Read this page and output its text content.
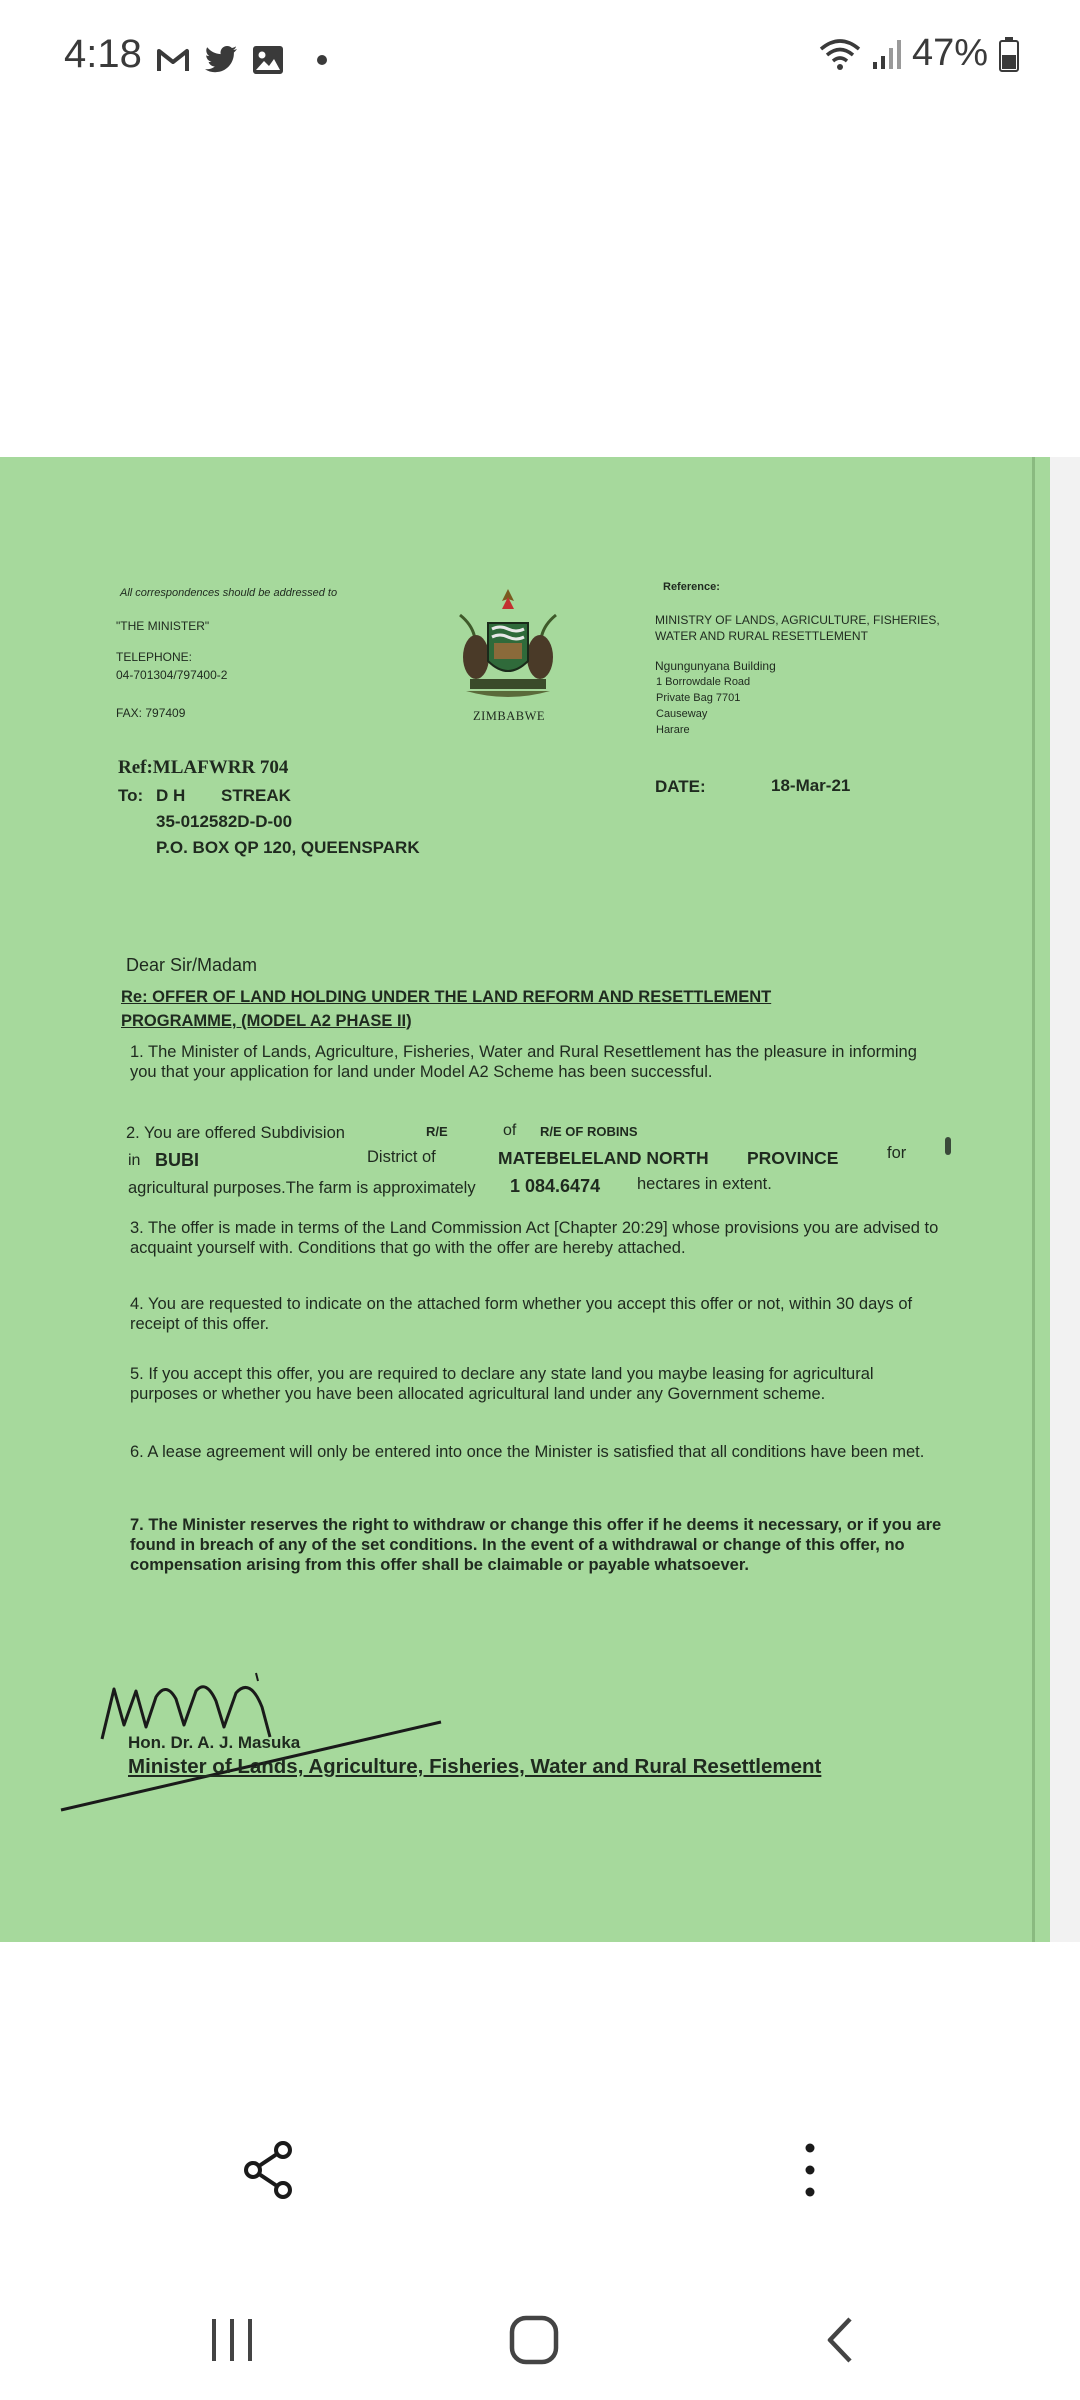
4:18	47%
All correspondences should be addressed to
"THE MINISTER"
TELEPHONE:
04-701304/797400-2
FAX: 797409	ZIMBABWE
Reference:
MINISTRY OF LANDS, AGRICULTURE, FISHERIES,
WATER AND RURAL RESETTLEMENT
Ngungunyana Building
1 Borrowdale Road
Private Bag 7701
Causeway
Harare
Ref:MLAFWRR 704
To: D H STREAK
35-012582D-D-00
P.O. BOX QP 120, QUEENSPARK
DATE:	18-Mar-21
Dear Sir/Madam
Re: OFFER OF LAND HOLDING UNDER THE LAND REFORM AND RESETTLEMENT
PROGRAMME, (MODEL A2 PHASE II)
1. The Minister of Lands, Agriculture, Fisheries, Water and Rural Resettlement has the pleasure in informing you that your application for land under Model A2 Scheme has been successful.
2. You are offered Subdivision	R/E	of R/E OF ROBINS
in BUBI	District of	MATEBELELAND NORTH PROVINCE	for
agricultural purposes.The farm is approximately 1 084.6474 hectares in extent.
3. The offer is made in terms of the Land Commission Act [Chapter 20:29] whose provisions you are advised to acquaint yourself with. Conditions that go with the offer are hereby attached.
4. You are requested to indicate on the attached form whether you accept this offer or not, within 30 days of receipt of this offer.
5. If you accept this offer, you are required to declare any state land you maybe leasing for agricultural purposes or whether you have been allocated agricultural land under any Government scheme.
6. A lease agreement will only be entered into once the Minister is satisfied that all conditions have been met.
7. The Minister reserves the right to withdraw or change this offer if he deems it necessary, or if you are found in breach of any of the set conditions. In the event of a withdrawal or change of this offer, no compensation arising from this offer shall be claimable or payable whatsoever.
Hon. Dr. A. J. Masuka
Minister of Lands, Agriculture, Fisheries, Water and Rural Resettlement
